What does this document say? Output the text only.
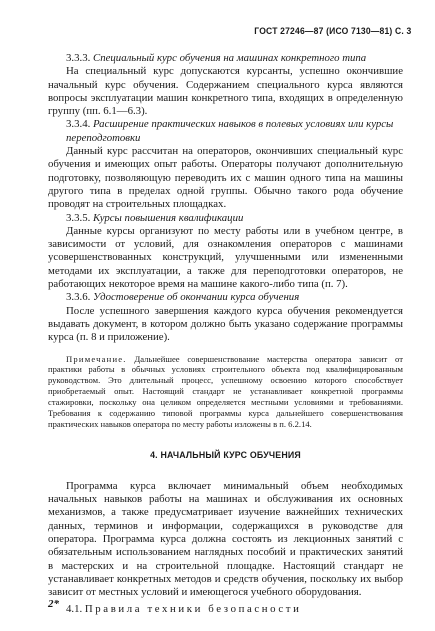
ГОСТ 27246—87 (ИСО 7130—81) С. 3

3.3.3. Специальный курс обучения на машинах конкретного типа

На специальный курс допускаются курсанты, успешно окончившие начальный курс обучения. Содержанием специального курса являются вопросы эксплуатации машин конкретного типа, входящих в определенную группу (пп. 6.1—6.3).

3.3.4. Расширение практических навыков в полевых условиях или курсы переподготовки

Данный курс рассчитан на операторов, окончивших специальный курс обучения и имеющих опыт работы. Операторы получают дополнительную подготовку, позволяющую переводить их с машин одного типа на машины другого типа в пределах одной группы. Обычно такого рода обучение проводят на строительных площадках.

3.3.5. Курсы повышения квалификации

Данные курсы организуют по месту работы или в учебном центре, в зависимости от условий, для ознакомления операторов с машинами усовершенствованных конструкций, улучшенными или измененными методами их эксплуатации, а также для переподготовки операторов, не работающих некоторое время на машине какого-либо типа (п. 7).

3.3.6. Удостоверение об окончании курса обучения

После успешного завершения каждого курса обучения рекомендуется выдавать документ, в котором должно быть указано содержание программы курса (п. 8 и приложение).

Примечание. Дальнейшее совершенствование мастерства оператора зависит от практики работы в обычных условиях строительного объекта под квалифицированным руководством. Это длительный процесс, успешному освоению которого способствует приобретаемый опыт. Настоящий стандарт не устанавливает конкретной программы стажировки, поскольку она целиком определяется местными условиями и требованиями. Требования к содержанию типовой программы курса дальнейшего совершенствования практических навыков оператора по месту работы изложены в п. 6.2.14.

4. НАЧАЛЬНЫЙ КУРС ОБУЧЕНИЯ

Программа курса включает минимальный объем необходимых начальных навыков работы на машинах и обслуживания их основных механизмов, а также предусматривает изучение важнейших технических данных, терминов и информации, содержащихся в руководстве для оператора. Программа курса должна состоять из лекционных занятий с обязательным использованием наглядных пособий и практических занятий в мастерских и на строительной площадке. Настоящий стандарт не устанавливает конкретных методов и средств обучения, поскольку их выбор зависит от местных условий и имеющегося учебного оборудования.

4.1. Правила техники безопасности

2*
